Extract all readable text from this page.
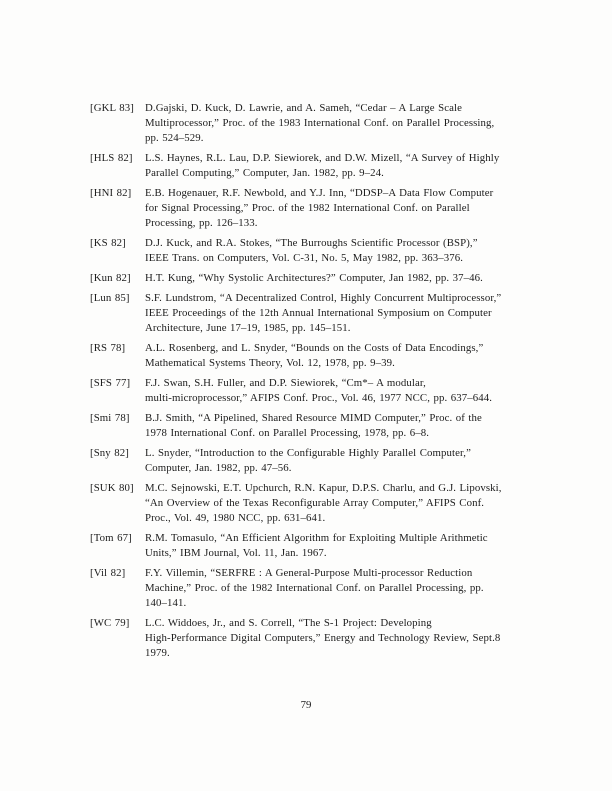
[GKL 83]	D.Gajski, D. Kuck, D. Lawrie, and A. Sameh, “Cedar – A Large Scale
Multiprocessor,” Proc. of the 1983 International Conf. on Parallel Processing,
pp. 524–529.
[HLS 82]	L.S. Haynes, R.L. Lau, D.P. Siewiorek, and D.W. Mizell, “A Survey of Highly
Parallel Computing,” Computer, Jan. 1982, pp. 9–24.
[HNI 82]	E.B. Hogenauer, R.F. Newbold, and Y.J. Inn, “DDSP–A Data Flow Computer
for Signal Processing,” Proc. of the 1982 International Conf. on Parallel
Processing, pp. 126–133.
[KS 82]	D.J. Kuck, and R.A. Stokes, “The Burroughs Scientific Processor (BSP),”
IEEE Trans. on Computers, Vol. C-31, No. 5, May 1982, pp. 363–376.
[Kun 82]	H.T. Kung, “Why Systolic Architectures?” Computer, Jan 1982, pp. 37–46.
[Lun 85]	S.F. Lundstrom, “A Decentralized Control, Highly Concurrent Multiprocessor,”
IEEE Proceedings of the 12th Annual International Symposium on Computer
Architecture, June 17–19, 1985, pp. 145–151.
[RS 78]	A.L. Rosenberg, and L. Snyder, “Bounds on the Costs of Data Encodings,”
Mathematical Systems Theory, Vol. 12, 1978, pp. 9–39.
[SFS 77]	F.J. Swan, S.H. Fuller, and D.P. Siewiorek, “Cm*– A modular,
multi-microprocessor,” AFIPS Conf. Proc., Vol. 46, 1977 NCC, pp. 637–644.
[Smi 78]	B.J. Smith, “A Pipelined, Shared Resource MIMD Computer,” Proc. of the
1978 International Conf. on Parallel Processing, 1978, pp. 6–8.
[Sny 82]	L. Snyder, “Introduction to the Configurable Highly Parallel Computer,”
Computer, Jan. 1982, pp. 47–56.
[SUK 80]	M.C. Sejnowski, E.T. Upchurch, R.N. Kapur, D.P.S. Charlu, and G.J. Lipovski,
“An Overview of the Texas Reconfigurable Array Computer,” AFIPS Conf.
Proc., Vol. 49, 1980 NCC, pp. 631–641.
[Tom 67]	R.M. Tomasulo, “An Efficient Algorithm for Exploiting Multiple Arithmetic
Units,” IBM Journal, Vol. 11, Jan. 1967.
[Vil 82]	F.Y. Villemin, “SERFRE : A General-Purpose Multi-processor Reduction
Machine,” Proc. of the 1982 International Conf. on Parallel Processing, pp.
140–141.
[WC 79]	L.C. Widdoes, Jr., and S. Correll, “The S-1 Project: Developing
High-Performance Digital Computers,” Energy and Technology Review, Sept.8
1979.
79
